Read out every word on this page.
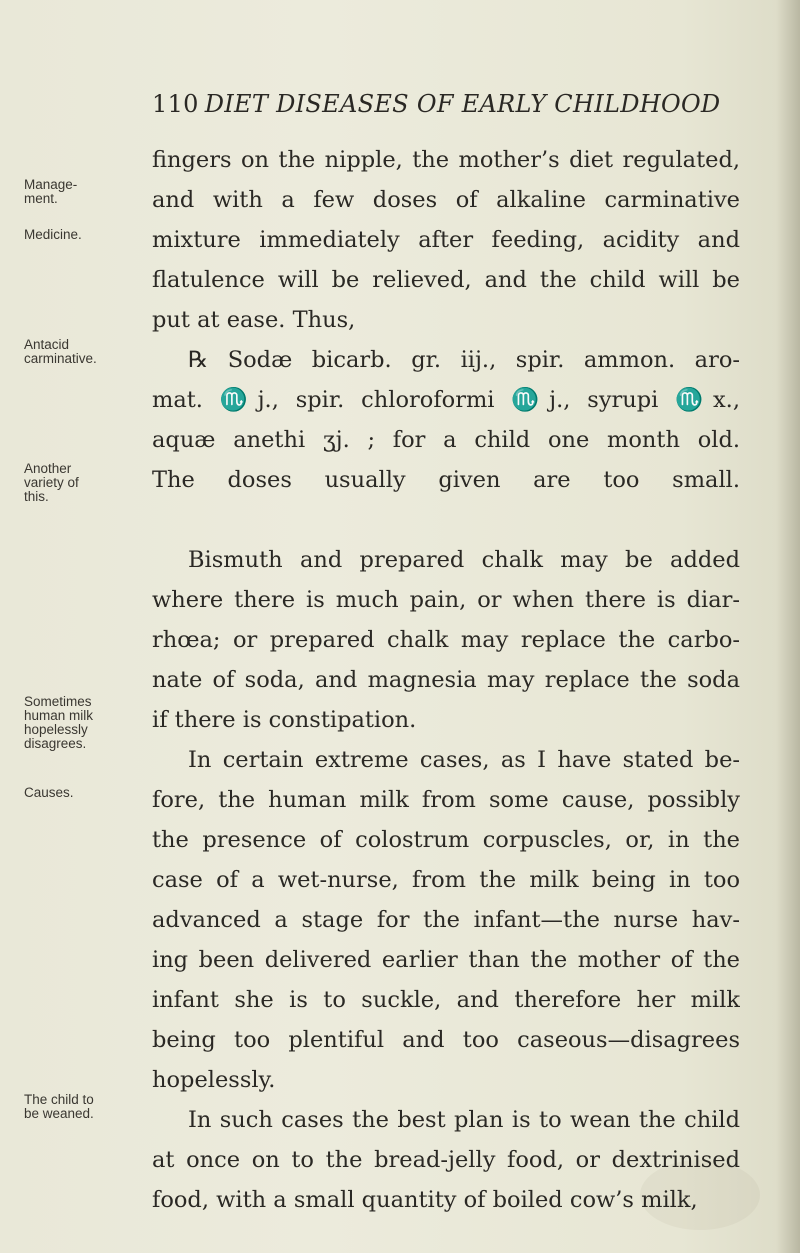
110 DIET DISEASES OF EARLY CHILDHOOD
fingers on the nipple, the mother’s diet regulated,
and with a few doses of alkaline carminative
mixture immediately after feeding, acidity and
flatulence will be relieved, and the child will be
put at ease. Thus,
℞ Sodæ bicarb. gr. iij., spir. ammon. aro-
mat. ♏j., spir. chloroformi ♏j., syrupi ♏x.,
aquæ anethi ʒj. ; for a child one month old.
The doses usually given are too small.
Bismuth and prepared chalk may be added
where there is much pain, or when there is diar-
rhœa; or prepared chalk may replace the carbo-
nate of soda, and magnesia may replace the soda
if there is constipation.
In certain extreme cases, as I have stated be-
fore, the human milk from some cause, possibly
the presence of colostrum corpuscles, or, in the
case of a wet-nurse, from the milk being in too
advanced a stage for the infant—the nurse hav-
ing been delivered earlier than the mother of the
infant she is to suckle, and therefore her milk
being too plentiful and too caseous—disagrees
hopelessly.
In such cases the best plan is to wean the child
at once on to the bread-jelly food, or dextrinised
food, with a small quantity of boiled cow’s milk,
Manage-
ment.
Medicine.
Antacid
carminative.
Another
variety of
this.
Sometimes
human milk
hopelessly
disagrees.
Causes.
The child to
be weaned.
